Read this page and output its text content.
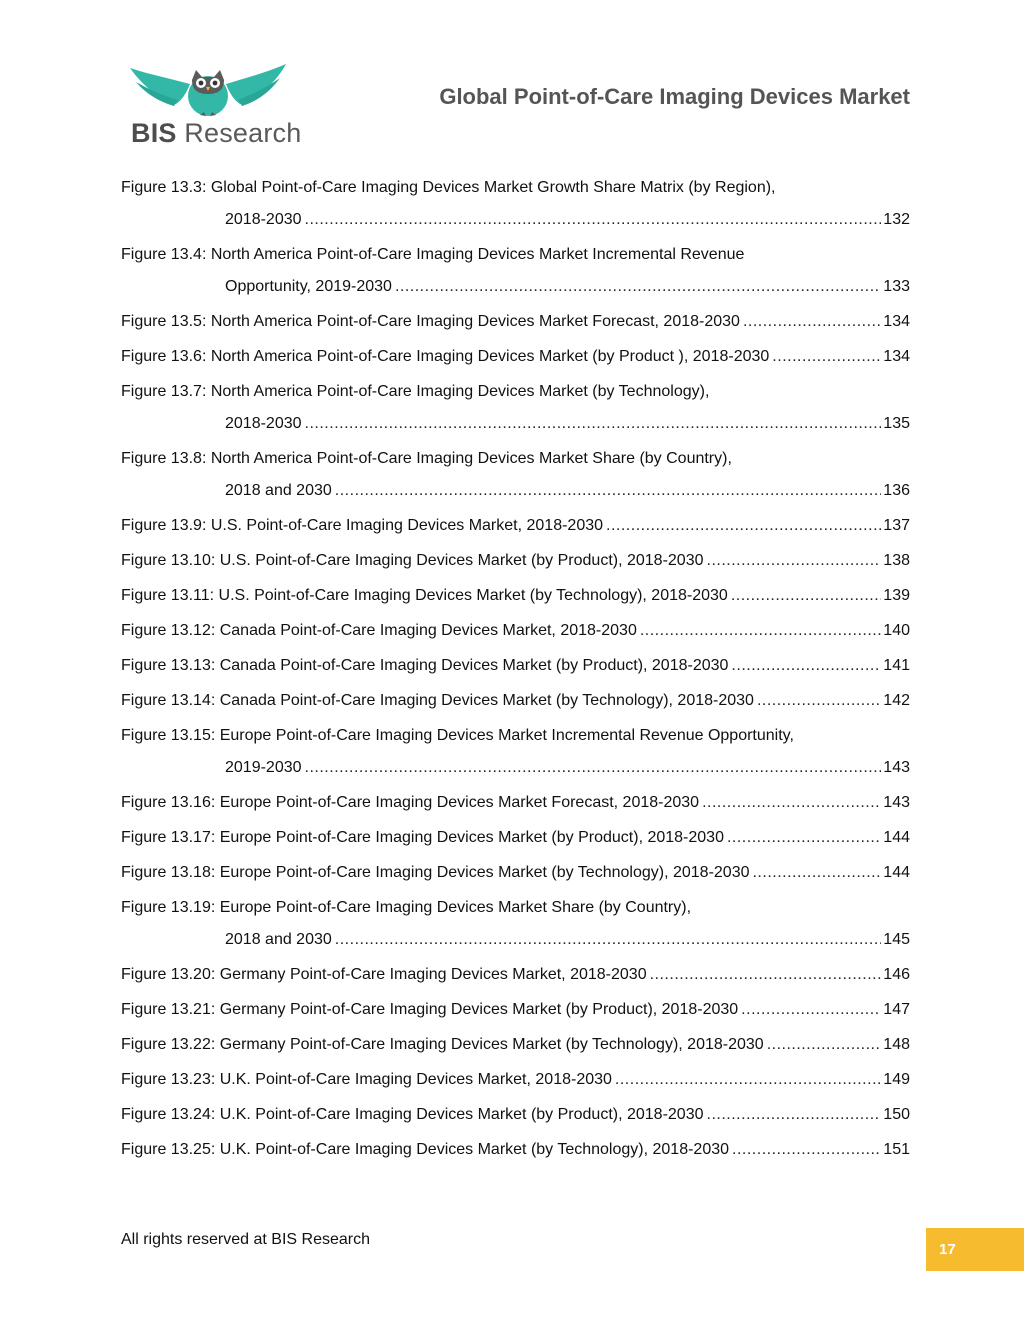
BIS Research
Global Point-of-Care Imaging Devices Market
Figure 13.3: Global Point-of-Care Imaging Devices Market Growth Share Matrix (by Region),
2018-2030 .....	132
Figure 13.4: North America Point-of-Care Imaging Devices Market Incremental Revenue
Opportunity, 2019-2030 .....	133
Figure 13.5: North America Point-of-Care Imaging Devices Market Forecast, 2018-2030 .....	134
Figure 13.6: North America Point-of-Care Imaging Devices Market (by Product ), 2018-2030 .....	134
Figure 13.7: North America Point-of-Care Imaging Devices Market (by Technology),
2018-2030 .....	135
Figure 13.8: North America Point-of-Care Imaging Devices Market Share (by Country),
2018 and 2030 .....	136
Figure 13.9: U.S. Point-of-Care Imaging Devices Market, 2018-2030 .....	137
Figure 13.10: U.S. Point-of-Care Imaging Devices Market (by Product), 2018-2030 .....	138
Figure 13.11: U.S. Point-of-Care Imaging Devices Market (by Technology), 2018-2030 .....	139
Figure 13.12: Canada Point-of-Care Imaging Devices Market, 2018-2030 .....	140
Figure 13.13: Canada Point-of-Care Imaging Devices Market (by Product), 2018-2030 .....	141
Figure 13.14: Canada Point-of-Care Imaging Devices Market (by Technology), 2018-2030 .....	142
Figure 13.15: Europe Point-of-Care Imaging Devices Market Incremental Revenue Opportunity,
2019-2030 .....	143
Figure 13.16: Europe Point-of-Care Imaging Devices Market Forecast, 2018-2030 .....	143
Figure 13.17: Europe Point-of-Care Imaging Devices Market (by Product), 2018-2030 .....	144
Figure 13.18: Europe Point-of-Care Imaging Devices Market (by Technology), 2018-2030 .....	144
Figure 13.19: Europe Point-of-Care Imaging Devices Market Share (by Country),
2018 and 2030 .....	145
Figure 13.20: Germany Point-of-Care Imaging Devices Market, 2018-2030 .....	146
Figure 13.21: Germany Point-of-Care Imaging Devices Market (by Product), 2018-2030 .....	147
Figure 13.22: Germany Point-of-Care Imaging Devices Market (by Technology), 2018-2030 .....	148
Figure 13.23: U.K. Point-of-Care Imaging Devices Market, 2018-2030 .....	149
Figure 13.24: U.K. Point-of-Care Imaging Devices Market (by Product), 2018-2030 .....	150
Figure 13.25: U.K. Point-of-Care Imaging Devices Market (by Technology), 2018-2030 .....	151
All rights reserved at BIS Research
17
